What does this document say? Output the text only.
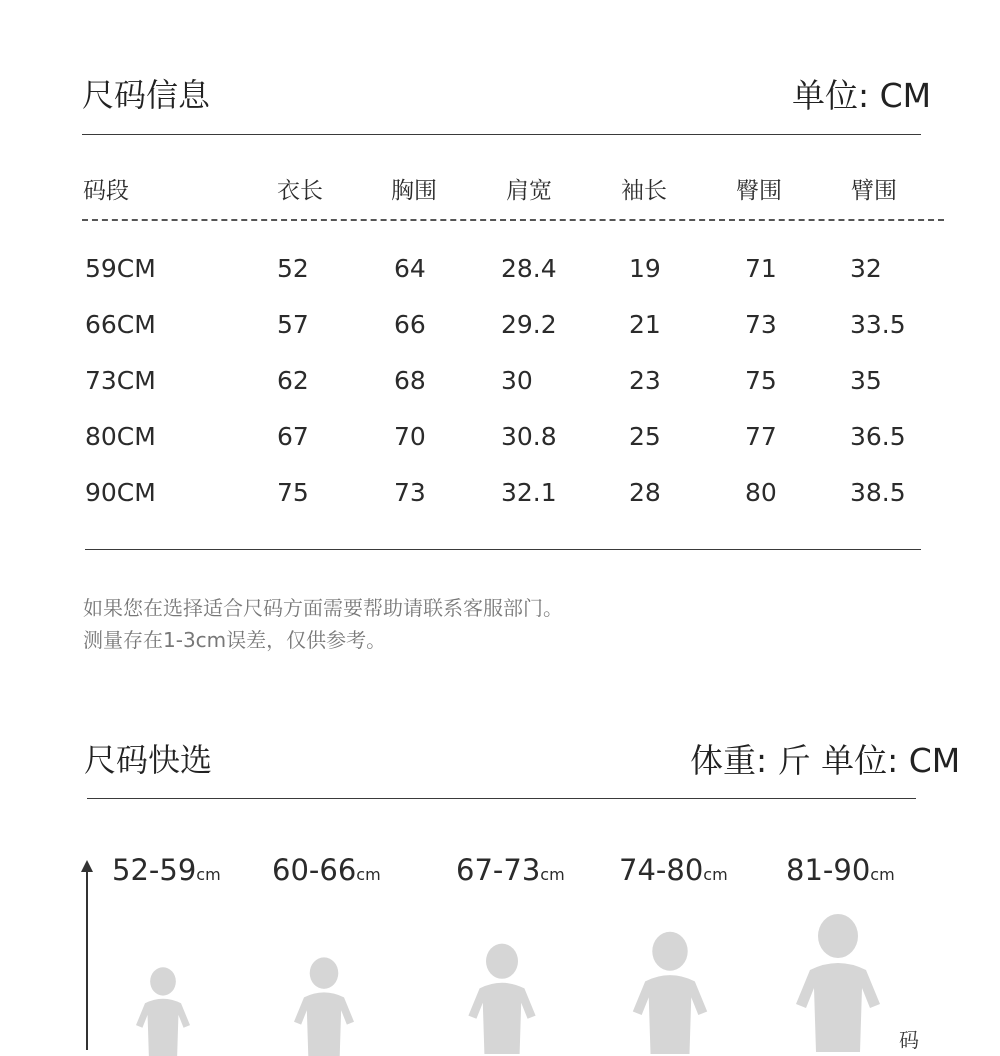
尺码信息	单位: CM
码段	衣长	胸围	肩宽	袖长	臀围	臂围
59CM	52	64	28.4	19	71	32
66CM	57	66	29.2	21	73	33.5
73CM	62	68	30	23	75	35
80CM	67	70	30.8	25	77	36.5
90CM	75	73	32.1	28	80	38.5
如果您在选择适合尺码方面需要帮助请联系客服部门。
测量存在1-3cm误差，仅供参考。
尺码快选	体重: 斤 单位: CM
52-59cm 60-66cm	67-73cm 74-80cm 81-90cm
码
